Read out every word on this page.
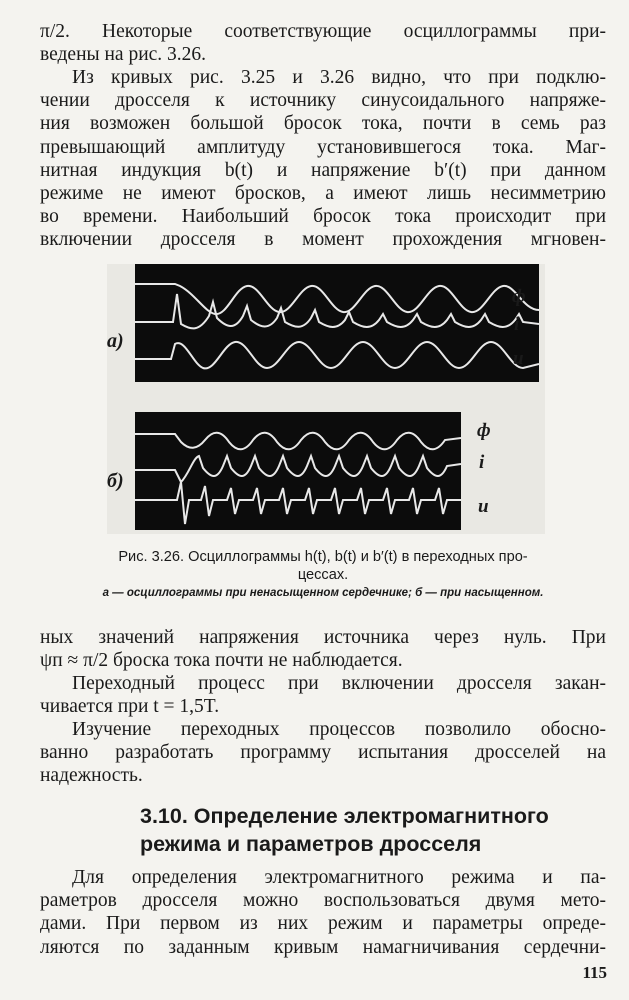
π/2. Некоторые соответствующие осциллограммы при-
ведены на рис. 3.26.
Из кривых рис. 3.25 и 3.26 видно, что при подклю-
чении дросселя к источнику синусоидального напряже-
ния возможен большой бросок тока, почти в семь раз
превышающий амплитуду установившегося тока. Маг-
нитная индукция b(t) и напряжение b′(t) при данном
режиме не имеют бросков, а имеют лишь несимметрию
во времени. Наибольший бросок тока происходит при
включении дросселя в момент прохождения мгновен-
а)
ф
i
u
б)
ф
i
u
Рис. 3.26. Осциллограммы h(t), b(t) и b′(t) в переходных про-
цессах.
а — осциллограммы при ненасыщенном сердечнике; б — при насыщенном.
ных значений напряжения источника через нуль. При
ψп ≈ π/2 броска тока почти не наблюдается.
Переходный процесс при включении дросселя закан-
чивается при t = 1,5T.
Изучение переходных процессов позволило обосно-
ванно разработать программу испытания дросселей на
надежность.
3.10. Определение электромагнитного
режима и параметров дросселя
Для определения электромагнитного режима и па-
раметров дросселя можно воспользоваться двумя мето-
дами. При первом из них режим и параметры опреде-
ляются по заданным кривым намагничивания сердечни-
115
